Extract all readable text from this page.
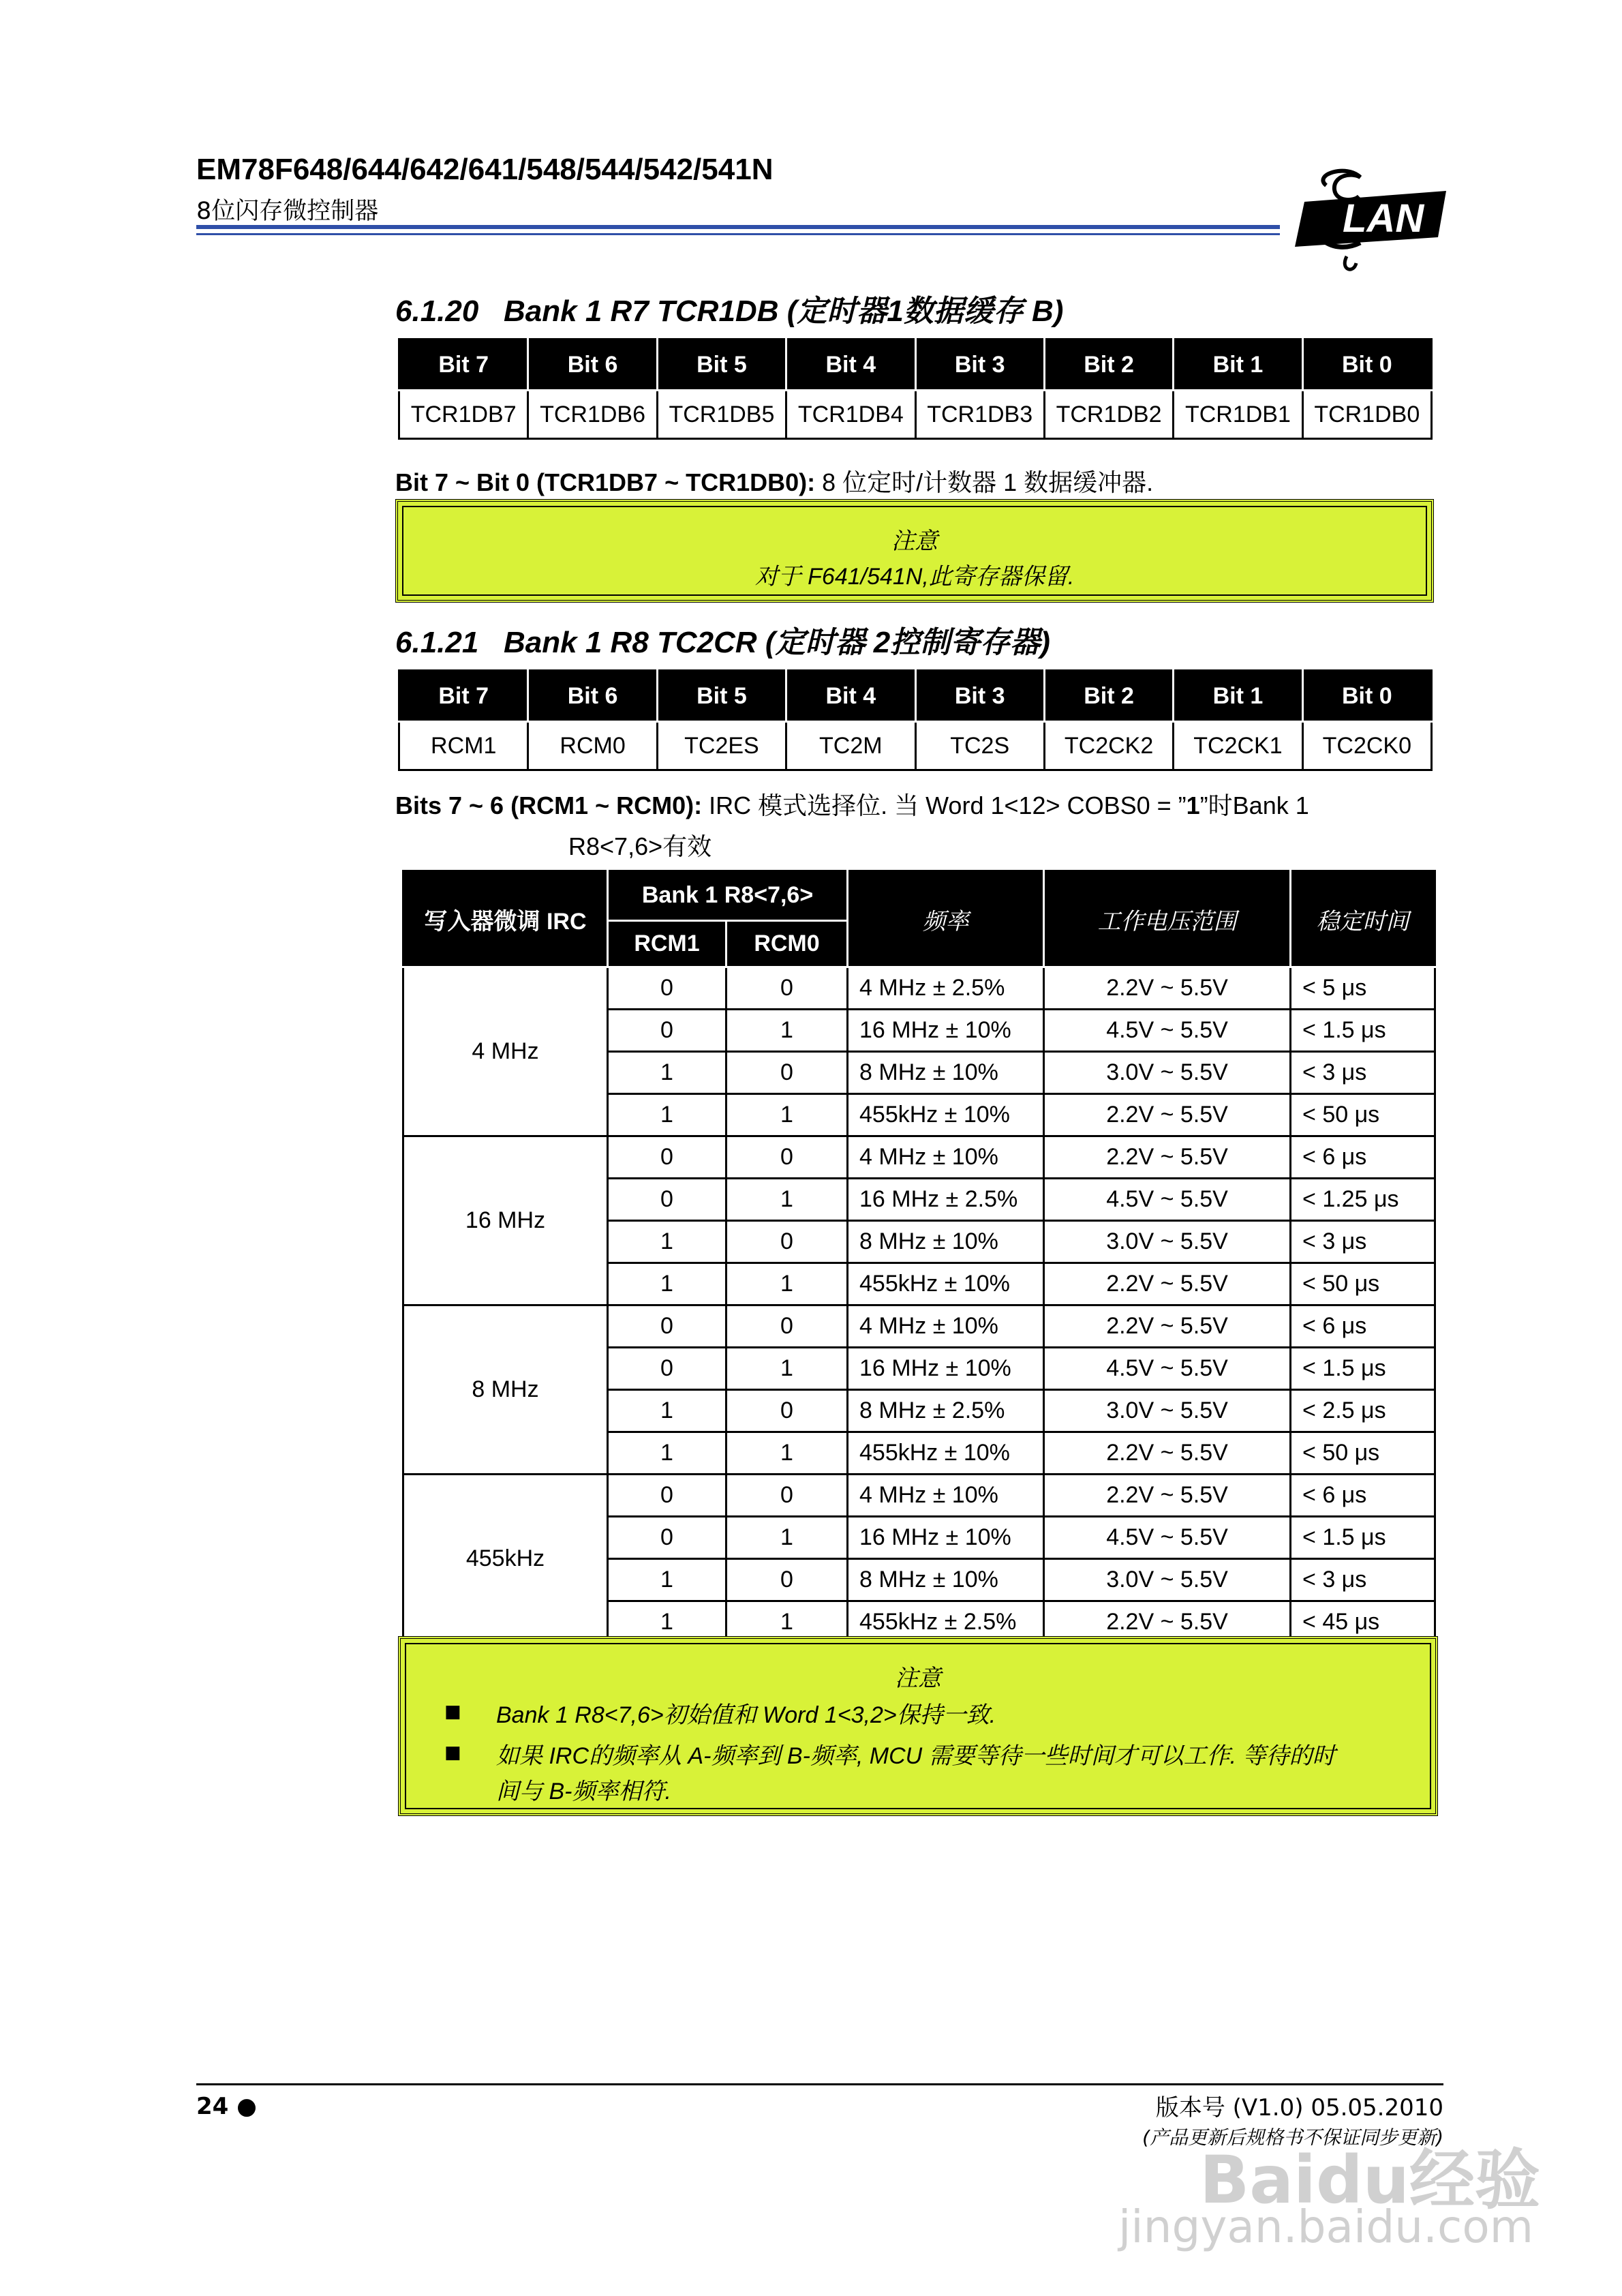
EM78F648/644/642/641/548/544/542/541N
8位闪存微控制器	LAN
6.1.20 Bank 1 R7 TCR1DB (定时器1数据缓存 B)
Bit 7	Bit 6	Bit 5	Bit 4	Bit 3	Bit 2	Bit 1	Bit 0
TCR1DB7	TCR1DB6	TCR1DB5	TCR1DB4	TCR1DB3	TCR1DB2	TCR1DB1	TCR1DB0
Bit 7 ~ Bit 0 (TCR1DB7 ~ TCR1DB0): 8 位定时/计数器 1 数据缓冲器.
注意
对于 F641/541N,此寄存器保留.
6.1.21 Bank 1 R8 TC2CR (定时器 2控制寄存器)
Bit 7	Bit 6	Bit 5	Bit 4	Bit 3	Bit 2	Bit 1	Bit 0
RCM1	RCM0	TC2ES	TC2M	TC2S	TC2CK2	TC2CK1	TC2CK0
Bits 7 ~ 6 (RCM1 ~ RCM0): IRC 模式选择位. 当 Word 1<12> COBS0 = ”1”时Bank 1
R8<7,6>有效
写入器微调 IRC	Bank 1 R8<7,6>		频率	工作电压范围	稳定时间
	RCM1	RCM0			
4 MHz	0	0	4 MHz ± 2.5%	2.2V ~ 5.5V	< 5 μs
	0	1	16 MHz ± 10%	4.5V ~ 5.5V	< 1.5 μs
	1	0	8 MHz ± 10%	3.0V ~ 5.5V	< 3 μs
	1	1	455kHz ± 10%	2.2V ~ 5.5V	< 50 μs
16 MHz	0	0	4 MHz ± 10%	2.2V ~ 5.5V	< 6 μs
	0	1	16 MHz ± 2.5%	4.5V ~ 5.5V	< 1.25 μs
	1	0	8 MHz ± 10%	3.0V ~ 5.5V	< 3 μs
	1	1	455kHz ± 10%	2.2V ~ 5.5V	< 50 μs
8 MHz	0	0	4 MHz ± 10%	2.2V ~ 5.5V	< 6 μs
	0	1	16 MHz ± 10%	4.5V ~ 5.5V	< 1.5 μs
	1	0	8 MHz ± 2.5%	3.0V ~ 5.5V	< 2.5 μs
	1	1	455kHz ± 10%	2.2V ~ 5.5V	< 50 μs
455kHz	0	0	4 MHz ± 10%	2.2V ~ 5.5V	< 6 μs
	0	1	16 MHz ± 10%	4.5V ~ 5.5V	< 1.5 μs
	1	0	8 MHz ± 10%	3.0V ~ 5.5V	< 3 μs
	1	1	455kHz ± 2.5%	2.2V ~ 5.5V	< 45 μs
注意
■ Bank 1 R8<7,6>初始值和 Word 1<3,2>保持一致.
■ 如果 IRC的频率从 A-频率到 B-频率, MCU 需要等待一些时间才可以工作. 等待的时
间与 B-频率相符.
24 ●	版本号 (V1.0) 05.05.2010
(产品更新后规格书不保证同步更新)
Baidu经验
jingyan.baidu.com
